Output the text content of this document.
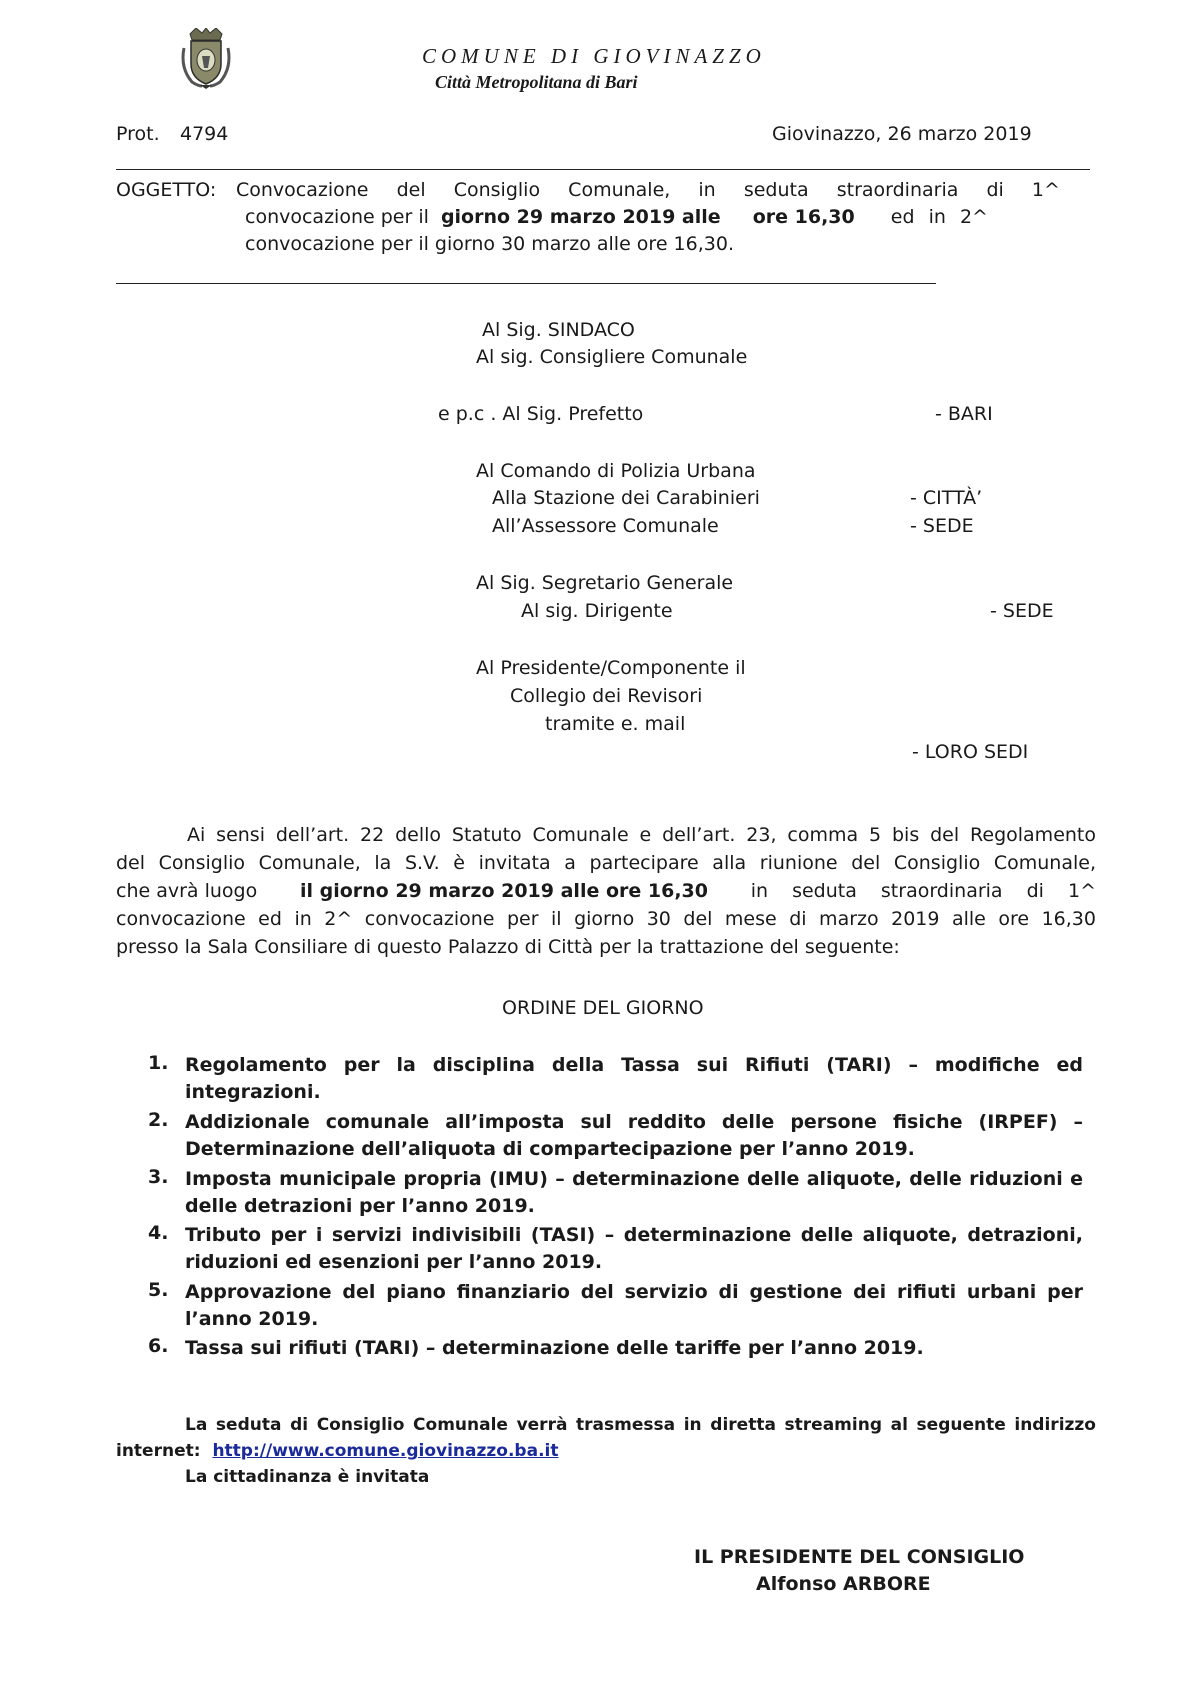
COMUNE DI GIOVINAZZO
Città Metropolitana di Bari
Prot. 4794	Giovinazzo, 26 marzo 2019
OGGETTO: Convocazione del Consiglio Comunale, in seduta straordinaria di 1^
convocazione per il giorno 29 marzo 2019 alle ore 16,30 ed in 2^
convocazione per il giorno 30 marzo alle ore 16,30.
Al Sig. SINDACO
Al sig. Consigliere Comunale
e p.c . Al Sig. Prefetto	- BARI
Al Comando di Polizia Urbana
Alla Stazione dei Carabinieri	- CITTÀ’
All’Assessore Comunale	- SEDE
Al Sig. Segretario Generale
Al sig. Dirigente	- SEDE
Al Presidente/Componente il
Collegio dei Revisori
tramite e. mail
- LORO SEDI
Ai sensi dell’art. 22 dello Statuto Comunale e dell’art. 23, comma 5 bis del Regolamento
del Consiglio Comunale, la S.V. è invitata a partecipare alla riunione del Consiglio Comunale,
che avrà luogo il giorno 29 marzo 2019 alle ore 16,30 in seduta straordinaria di 1^
convocazione ed in 2^ convocazione per il giorno 30 del mese di marzo 2019 alle ore 16,30
presso la Sala Consiliare di questo Palazzo di Città per la trattazione del seguente:
ORDINE DEL GIORNO
1. Regolamento per la disciplina della Tassa sui Rifiuti (TARI) – modifiche ed
integrazioni.
2. Addizionale comunale all’imposta sul reddito delle persone fisiche (IRPEF) –
Determinazione dell’aliquota di compartecipazione per l’anno 2019.
3. Imposta municipale propria (IMU) – determinazione delle aliquote, delle riduzioni e
delle detrazioni per l’anno 2019.
4. Tributo per i servizi indivisibili (TASI) – determinazione delle aliquote, detrazioni,
riduzioni ed esenzioni per l’anno 2019.
5. Approvazione del piano finanziario del servizio di gestione dei rifiuti urbani per
l’anno 2019.
6. Tassa sui rifiuti (TARI) – determinazione delle tariffe per l’anno 2019.
La seduta di Consiglio Comunale verrà trasmessa in diretta streaming al seguente indirizzo
internet: http://www.comune.giovinazzo.ba.it
La cittadinanza è invitata
IL PRESIDENTE DEL CONSIGLIO
Alfonso ARBORE
